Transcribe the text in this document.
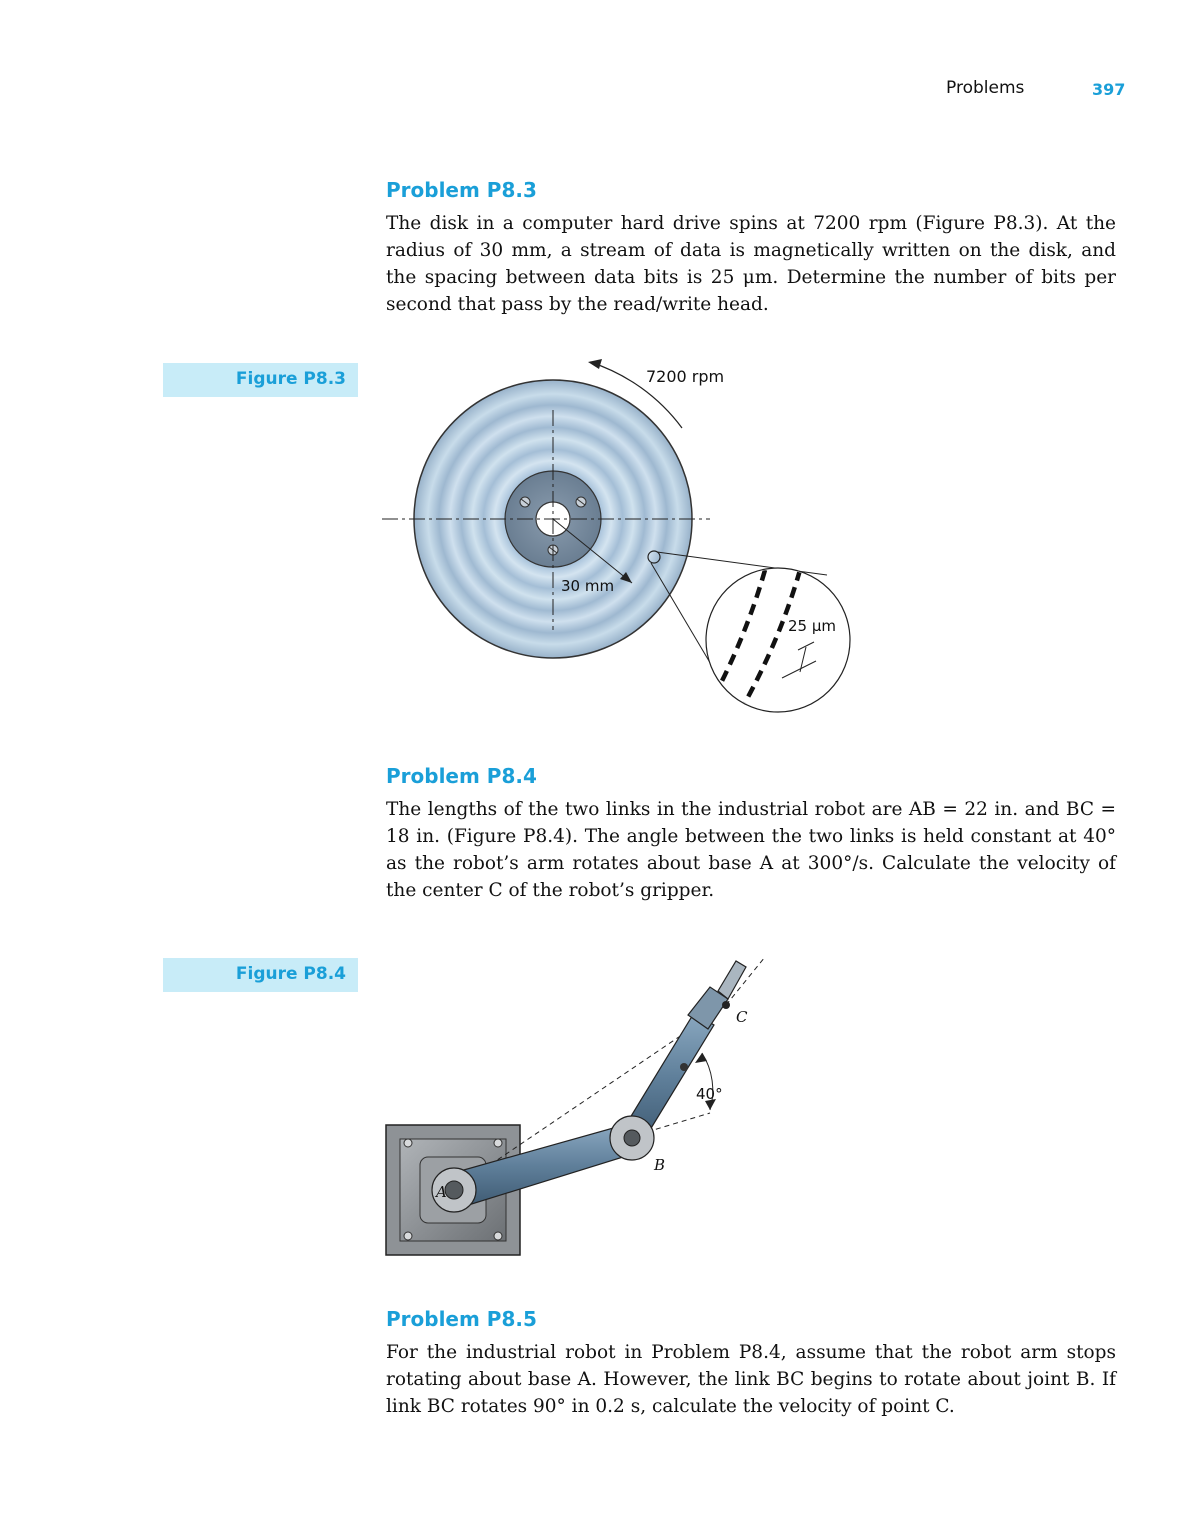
Problems	397
Problem P8.3
The disk in a computer hard drive spins at 7200 rpm (Figure P8.3). At the radius of 30 mm, a stream of data is magnetically written on the disk, and the spacing between data bits is 25 μm. Determine the number of bits per second that pass by the read/write head.
Figure P8.3	7200 rpm
30 mm
25 μm
Problem P8.4
The lengths of the two links in the industrial robot are AB = 22 in. and BC = 18 in. (Figure P8.4). The angle between the two links is held constant at 40° as the robot’s arm rotates about base A at 300°/s. Calculate the velocity of the center C of the robot’s gripper.
Figure P8.4
A
B
C
40°
Problem P8.5
For the industrial robot in Problem P8.4, assume that the robot arm stops rotating about base A. However, the link BC begins to rotate about joint B. If link BC rotates 90° in 0.2 s, calculate the velocity of point C.
